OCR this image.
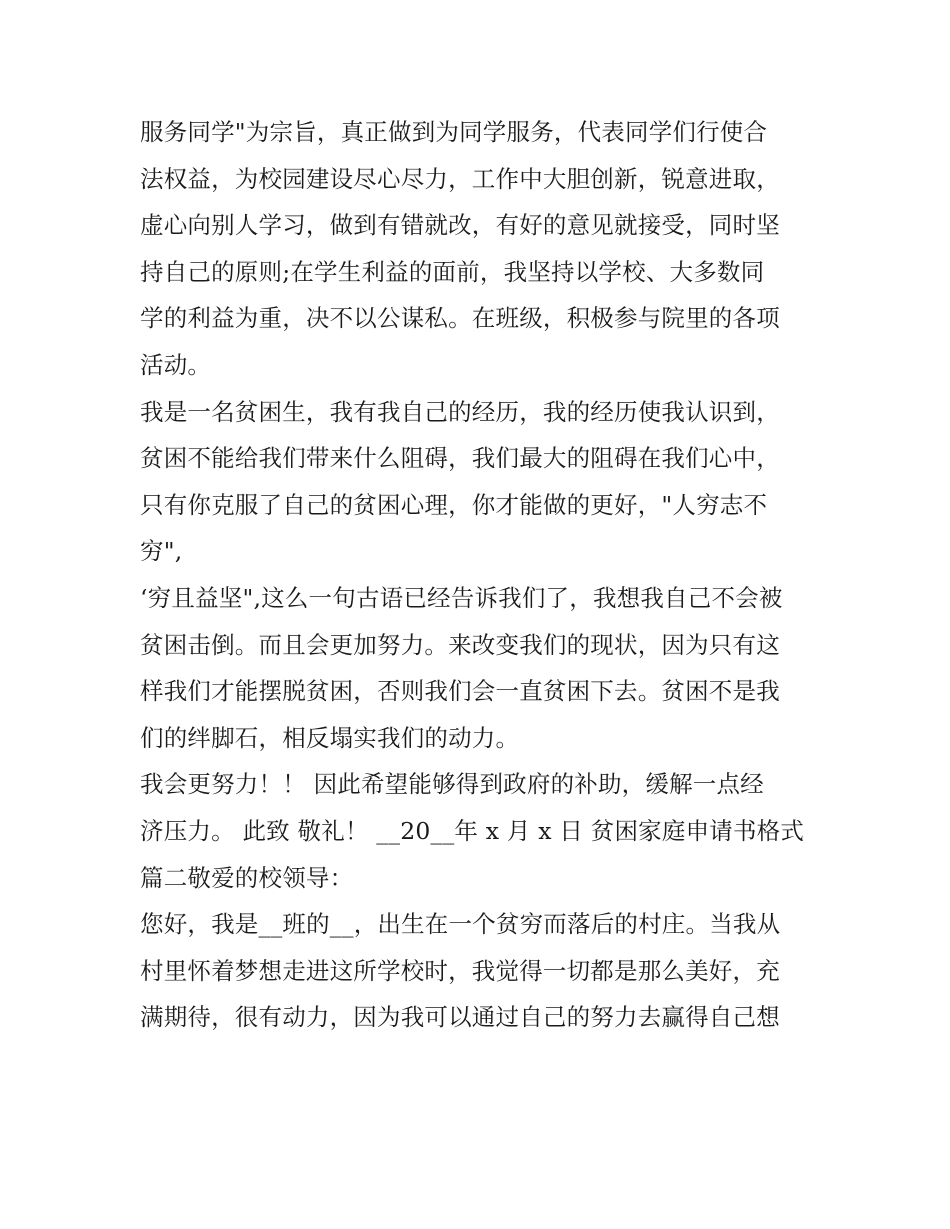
服务同学"为宗旨，真正做到为同学服务，代表同学们行使合
法权益，为校园建设尽心尽力，工作中大胆创新，锐意进取，
虚心向别人学习，做到有错就改，有好的意见就接受，同时坚
持自己的原则;在学生利益的面前，我坚持以学校、大多数同
学的利益为重，决不以公谋私。在班级，积极参与院里的各项
活动。
我是一名贫困生，我有我自己的经历，我的经历使我认识到，
贫困不能给我们带来什么阻碍，我们最大的阻碍在我们心中，
只有你克服了自己的贫困心理，你才能做的更好，"人穷志不
穷",
‘穷且益坚",这么一句古语已经告诉我们了，我想我自己不会被
贫困击倒。而且会更加努力。来改变我们的现状，因为只有这
样我们才能摆脱贫困，否则我们会一直贫困下去。贫困不是我
们的绊脚石，相反塌实我们的动力。
我会更努力！！ 因此希望能够得到政府的补助，缓解一点经
济压力。 此致 敬礼！ __20__年 x 月 x 日 贫困家庭申请书格式
篇二敬爱的校领导：
您好，我是__班的__，出生在一个贫穷而落后的村庄。当我从
村里怀着梦想走进这所学校时，我觉得一切都是那么美好，充
满期待，很有动力，因为我可以通过自己的努力去赢得自己想
